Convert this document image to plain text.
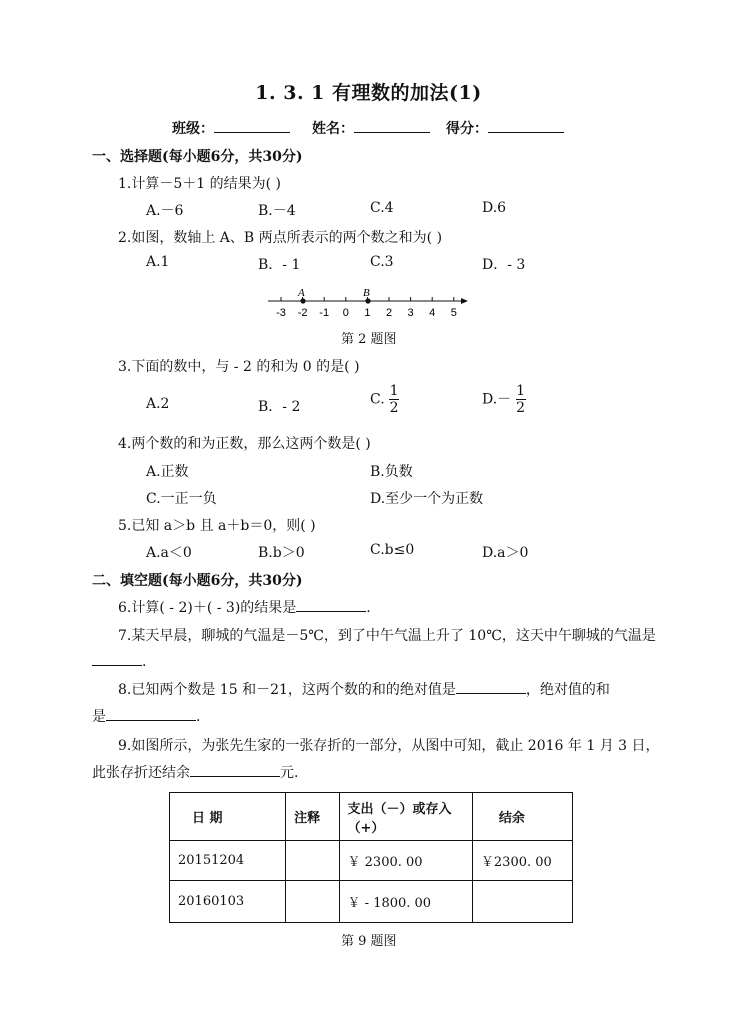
1. 3. 1 有理数的加法(1)
班级：	姓名：	得分：
一、选择题(每小题6分，共30分)
1.计算－5＋1 的结果为( )
A.－6	B.－4	C.4	D.6
2.如图，数轴上 A、B 两点所表示的两个数之和为( )
A.1	B．- 1	C.3	D．- 3
-3 -2 -1 0 1 2 3 4 5
A	B
第 2 题图
3.下面的数中，与 - 2 的和为 0 的是( )
A.2	B．- 2	C. $\frac{1}{2}$	$D.- \frac{1}{2}$
4.两个数的和为正数，那么这两个数是( )
A.正数	B.负数
C.一正一负	D.至少一个为正数
5.已知 a＞b 且 a＋b＝0，则( )
A.a＜0	B.b＞0	C.b≤0	D.a＞0
二、填空题(每小题6分，共30分)
6.计算( - 2)＋( - 3)的结果是	.
7.某天早晨，聊城的气温是－5℃，到了中午气温上升了 10℃，这天中午聊城的气温是
.
8.已知两个数是 15 和－21，这两个数的和的绝对值是	，绝对值的和
是	.
9.如图所示，为张先生家的一张存折的一部分，从图中可知，截止 2016 年 1 月 3 日，
此张存折还结余	元.
日 期	注释	支出（－）或存入（+）	结余
20151204		￥ 2300. 00	￥2300. 00
20160103		￥ - 1800. 00	
第 9 题图
